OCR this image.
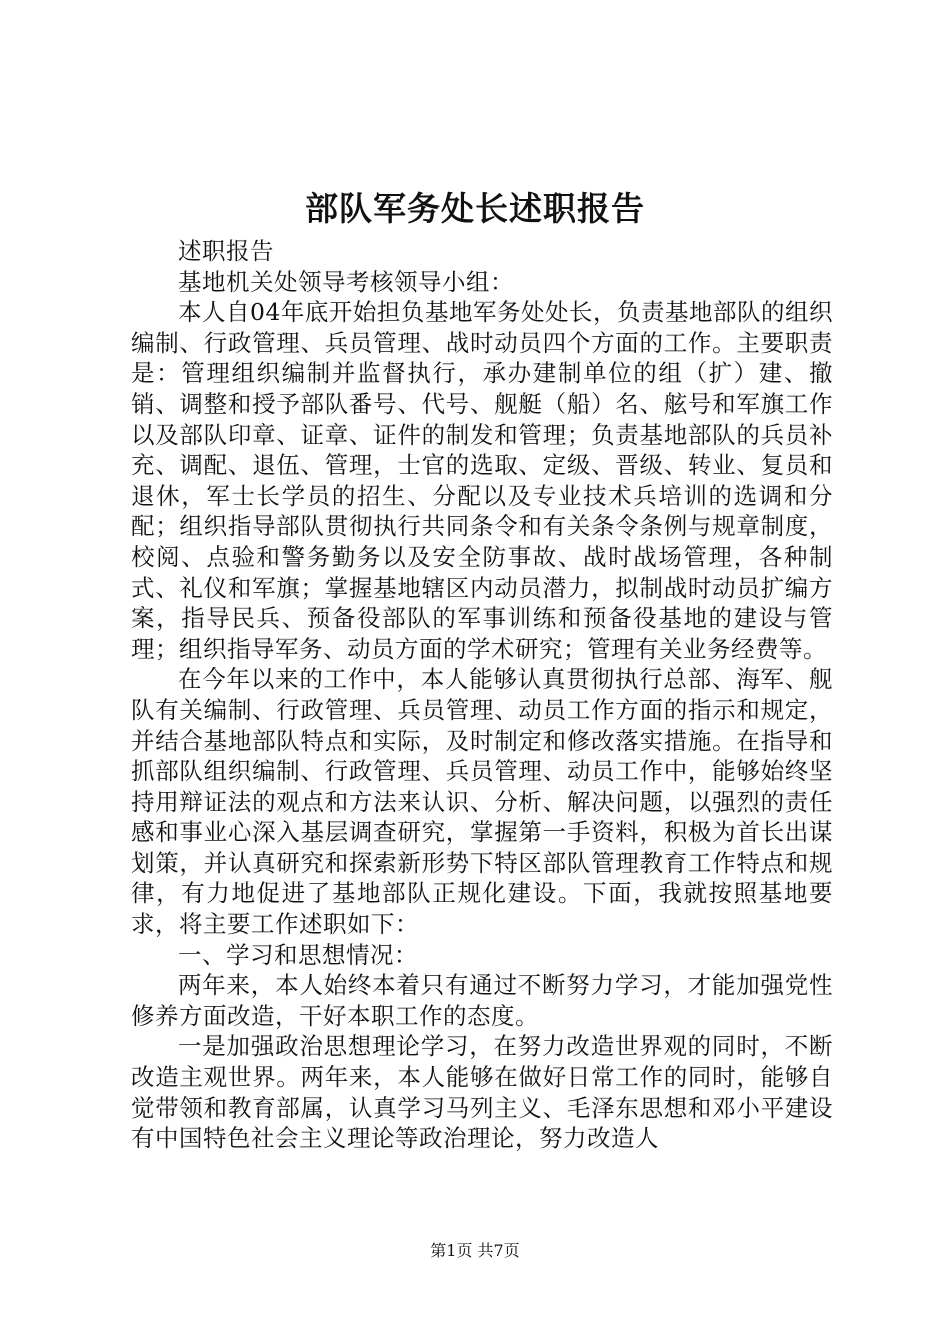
部队军务处长述职报告

述职报告

基地机关处领导考核领导小组：

本人自04年底开始担负基地军务处处长，负责基地部队的组织编制、行政管理、兵员管理、战时动员四个方面的工作。主要职责是：管理组织编制并监督执行，承办建制单位的组（扩）建、撤销、调整和授予部队番号、代号、舰艇（船）名、舷号和军旗工作以及部队印章、证章、证件的制发和管理；负责基地部队的兵员补充、调配、退伍、管理，士官的选取、定级、晋级、转业、复员和退休，军士长学员的招生、分配以及专业技术兵培训的选调和分配；组织指导部队贯彻执行共同条令和有关条令条例与规章制度，校阅、点验和警务勤务以及安全防事故、战时战场管理，各种制式、礼仪和军旗；掌握基地辖区内动员潜力，拟制战时动员扩编方案，指导民兵、预备役部队的军事训练和预备役基地的建设与管理；组织指导军务、动员方面的学术研究；管理有关业务经费等。

在今年以来的工作中，本人能够认真贯彻执行总部、海军、舰队有关编制、行政管理、兵员管理、动员工作方面的指示和规定，并结合基地部队特点和实际，及时制定和修改落实措施。在指导和抓部队组织编制、行政管理、兵员管理、动员工作中，能够始终坚持用辩证法的观点和方法来认识、分析、解决问题，以强烈的责任感和事业心深入基层调查研究，掌握第一手资料，积极为首长出谋划策，并认真研究和探索新形势下特区部队管理教育工作特点和规律，有力地促进了基地部队正规化建设。下面，我就按照基地要求，将主要工作述职如下：

一、学习和思想情况：

两年来，本人始终本着只有通过不断努力学习，才能加强党性修养方面改造，干好本职工作的态度。

一是加强政治思想理论学习，在努力改造世界观的同时，不断改造主观世界。两年来，本人能够在做好日常工作的同时，能够自觉带领和教育部属，认真学习马列主义、毛泽东思想和邓小平建设有中国特色社会主义理论等政治理论，努力改造人

第1页 共7页
